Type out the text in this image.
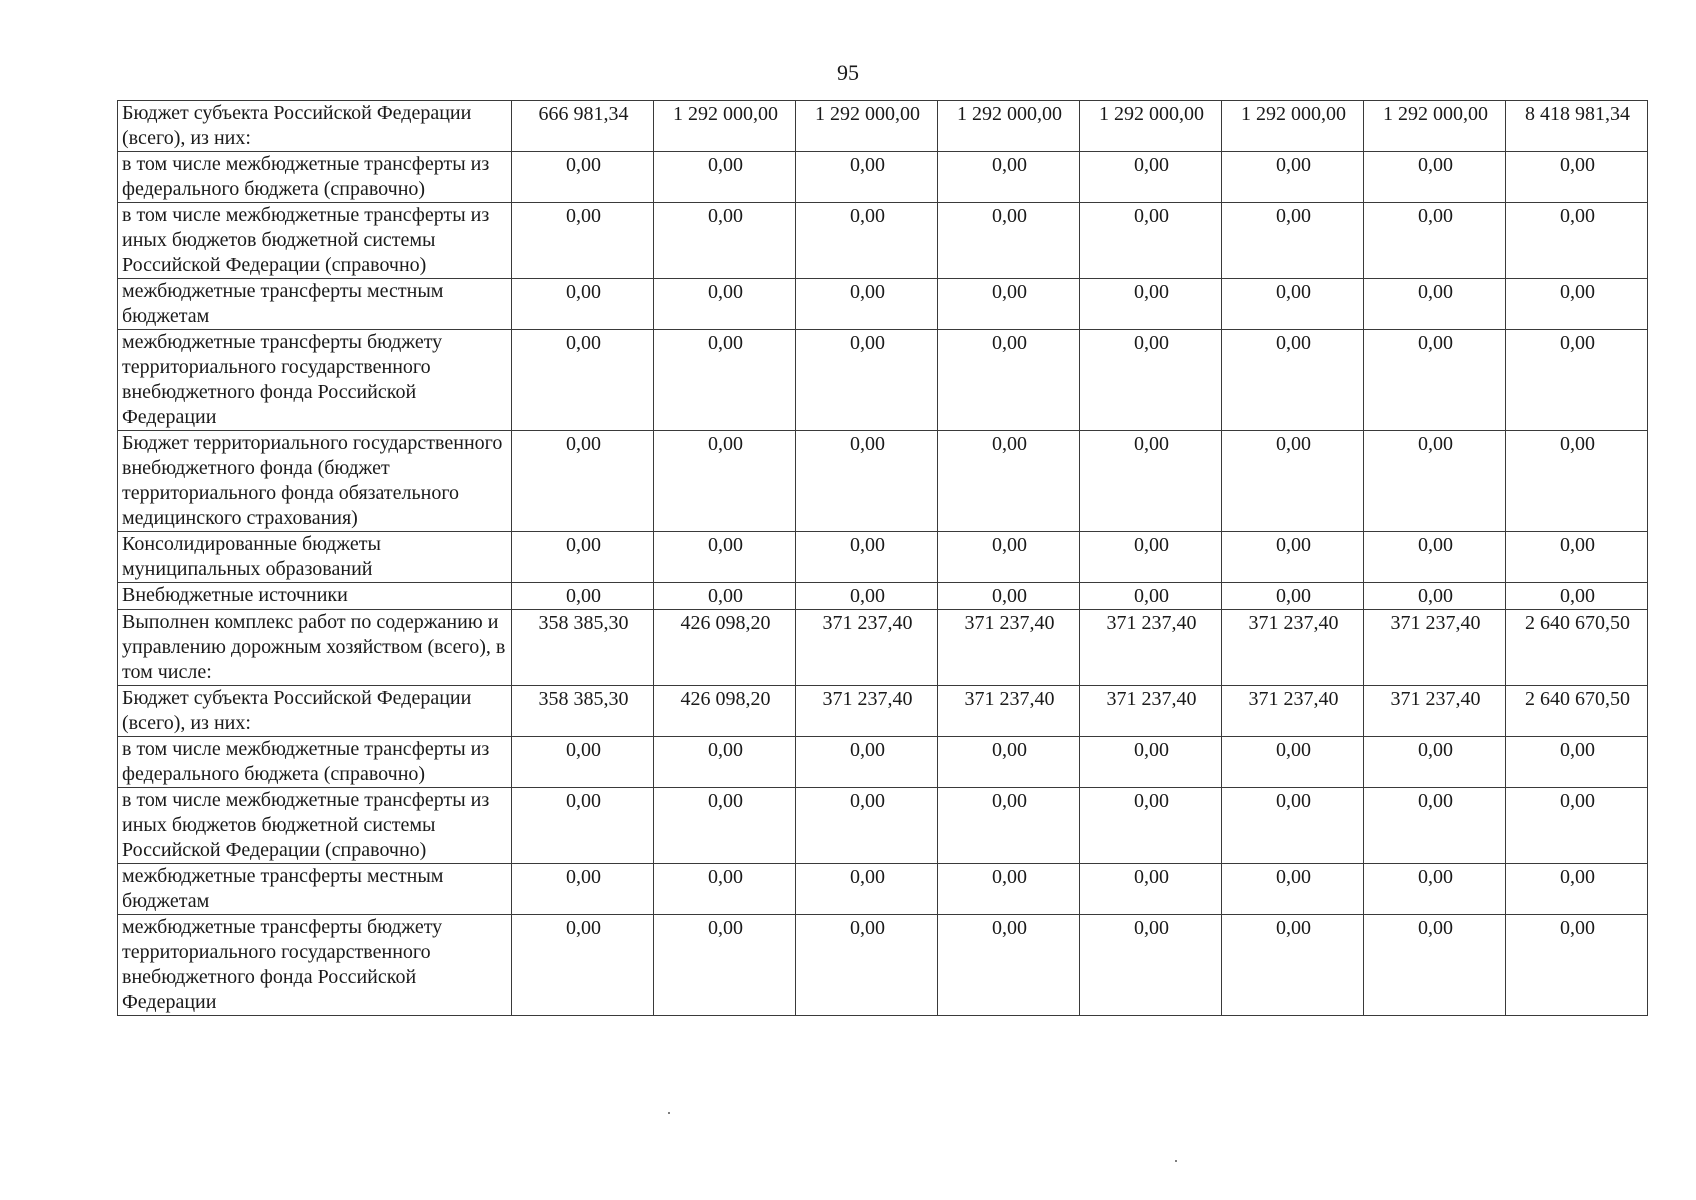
95
Бюджет субъекта Российской Федерации (всего), из них:	666 981,34	1 292 000,00	1 292 000,00	1 292 000,00	1 292 000,00	1 292 000,00	1 292 000,00	8 418 981,34
в том числе межбюджетные трансферты из федерального бюджета (справочно)	0,00	0,00	0,00	0,00	0,00	0,00	0,00	0,00
в том числе межбюджетные трансферты из иных бюджетов бюджетной системы Российской Федерации (справочно)	0,00	0,00	0,00	0,00	0,00	0,00	0,00	0,00
межбюджетные трансферты местным бюджетам	0,00	0,00	0,00	0,00	0,00	0,00	0,00	0,00
межбюджетные трансферты бюджету территориального государственного внебюджетного фонда Российской Федерации	0,00	0,00	0,00	0,00	0,00	0,00	0,00	0,00
Бюджет территориального государственного внебюджетного фонда (бюджет территориального фонда обязательного медицинского страхования)	0,00	0,00	0,00	0,00	0,00	0,00	0,00	0,00
Консолидированные бюджеты муниципальных образований	0,00	0,00	0,00	0,00	0,00	0,00	0,00	0,00
Внебюджетные источники	0,00	0,00	0,00	0,00	0,00	0,00	0,00	0,00
Выполнен комплекс работ по содержанию и управлению дорожным хозяйством (всего), в том числе:	358 385,30	426 098,20	371 237,40	371 237,40	371 237,40	371 237,40	371 237,40	2 640 670,50
Бюджет субъекта Российской Федерации (всего), из них:	358 385,30	426 098,20	371 237,40	371 237,40	371 237,40	371 237,40	371 237,40	2 640 670,50
в том числе межбюджетные трансферты из федерального бюджета (справочно)	0,00	0,00	0,00	0,00	0,00	0,00	0,00	0,00
в том числе межбюджетные трансферты из иных бюджетов бюджетной системы Российской Федерации (справочно)	0,00	0,00	0,00	0,00	0,00	0,00	0,00	0,00
межбюджетные трансферты местным бюджетам	0,00	0,00	0,00	0,00	0,00	0,00	0,00	0,00
межбюджетные трансферты бюджету территориального государственного внебюджетного фонда Российской Федерации	0,00	0,00	0,00	0,00	0,00	0,00	0,00	0,00
